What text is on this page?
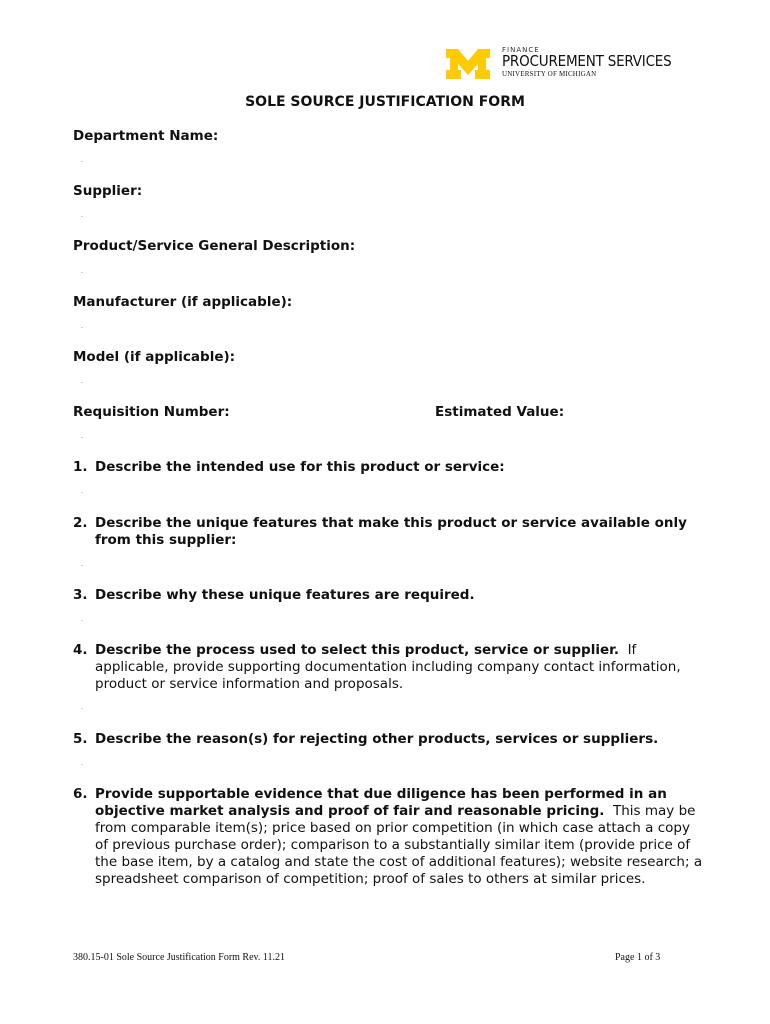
FINANCE
PROCUREMENT SERVICES
UNIVERSITY OF MICHIGAN
SOLE SOURCE JUSTIFICATION FORM
Department Name:
Supplier:
Product/Service General Description:
Manufacturer (if applicable):
Model (if applicable):
Requisition Number:	Estimated Value:
1. Describe the intended use for this product or service:
2. Describe the unique features that make this product or service available only from this supplier:
3. Describe why these unique features are required.
4. Describe the process used to select this product, service or supplier. If applicable, provide supporting documentation including company contact information, product or service information and proposals.
5. Describe the reason(s) for rejecting other products, services or suppliers.
6. Provide supportable evidence that due diligence has been performed in an objective market analysis and proof of fair and reasonable pricing. This may be from comparable item(s); price based on prior competition (in which case attach a copy of previous purchase order); comparison to a substantially similar item (provide price of the base item, by a catalog and state the cost of additional features); website research; a spreadsheet comparison of competition; proof of sales to others at similar prices.
380.15-01 Sole Source Justification Form Rev. 11.21	Page 1 of 3
